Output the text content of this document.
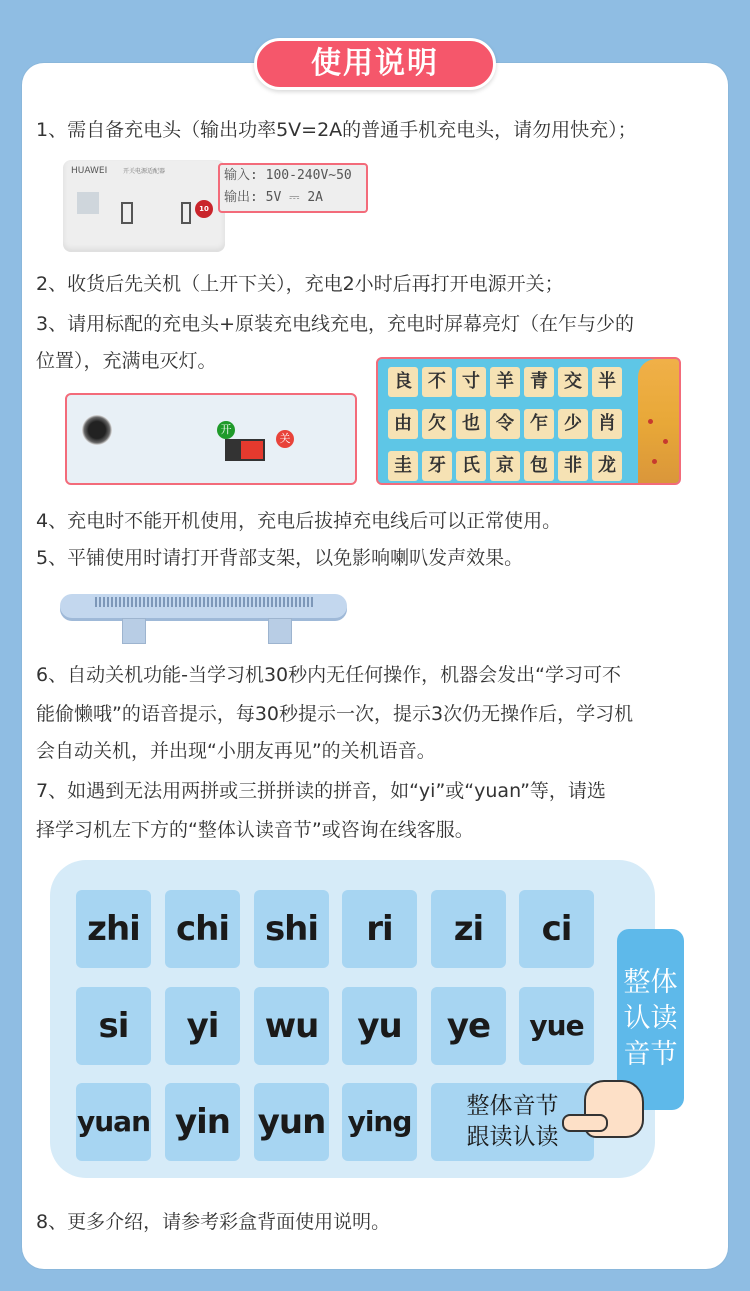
使用说明
1、需自备充电头（输出功率5V=2A的普通手机充电头，请勿用快充）；
HUAWEI	开关电源适配器
10
输入: 100-240V~50
输出: 5V ⎓ 2A
2、收货后先关机（上开下关），充电2小时后再打开电源开关；
3、请用标配的充电头+原装充电线充电，充电时屏幕亮灯（在乍与少的
位置），充满电灭灯。
开
关
良 不 寸 羊 青 交 半
由 欠 也 令 乍 少 肖
圭 牙 氏 京 包 非 龙
4、充电时不能开机使用，充电后拔掉充电线后可以正常使用。
5、平铺使用时请打开背部支架，以免影响喇叭发声效果。
6、自动关机功能-当学习机30秒内无任何操作，机器会发出“学习可不
能偷懒哦”的语音提示，每30秒提示一次，提示3次仍无操作后，学习机
会自动关机，并出现“小朋友再见”的关机语音。
7、如遇到无法用两拼或三拼拼读的拼音，如“yi”或“yuan”等，请选
择学习机左下方的“整体认读音节”或咨询在线客服。
zhi	chi	shi	ri	zi	ci
si	yi	wu	yu	ye	yue
yuan yin yun ying	整体音节
跟读认读
整体
认读
音节
8、更多介绍，请参考彩盒背面使用说明。
